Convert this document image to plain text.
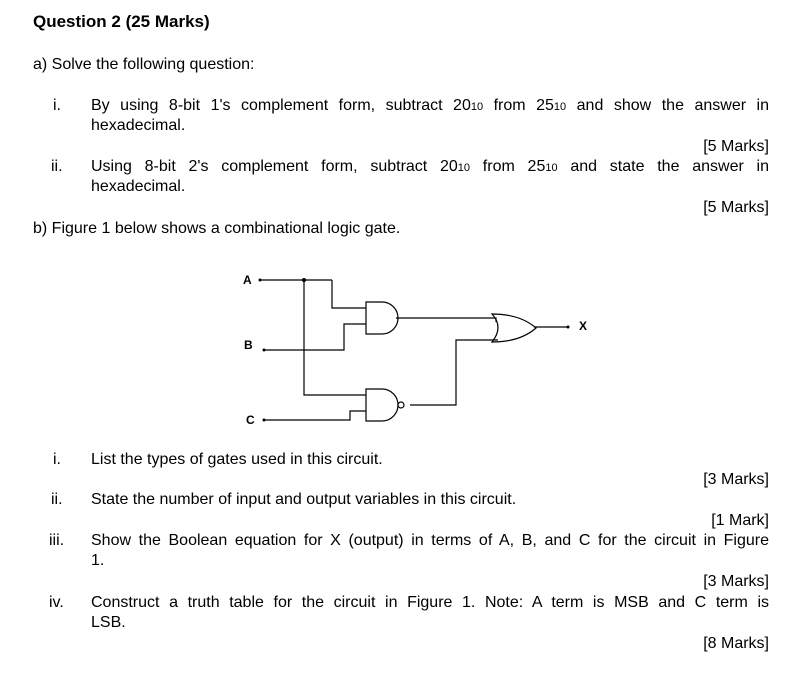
Question 2 (25 Marks)
a) Solve the following question:
i. By using 8-bit 1's complement form, subtract 2010 from 2510 and show the answer in
hexadecimal.
[5 Marks]
ii. Using 8-bit 2's complement form, subtract 2010 from 2510 and state the answer in
hexadecimal.
[5 Marks]
b) Figure 1 below shows a combinational logic gate.
A
B
C
X
i. List the types of gates used in this circuit.
[3 Marks]
ii. State the number of input and output variables in this circuit.
[1 Mark]
iii. Show the Boolean equation for X (output) in terms of A, B, and C for the circuit in Figure
1.
[3 Marks]
iv. Construct a truth table for the circuit in Figure 1. Note: A term is MSB and C term is
LSB.
[8 Marks]
